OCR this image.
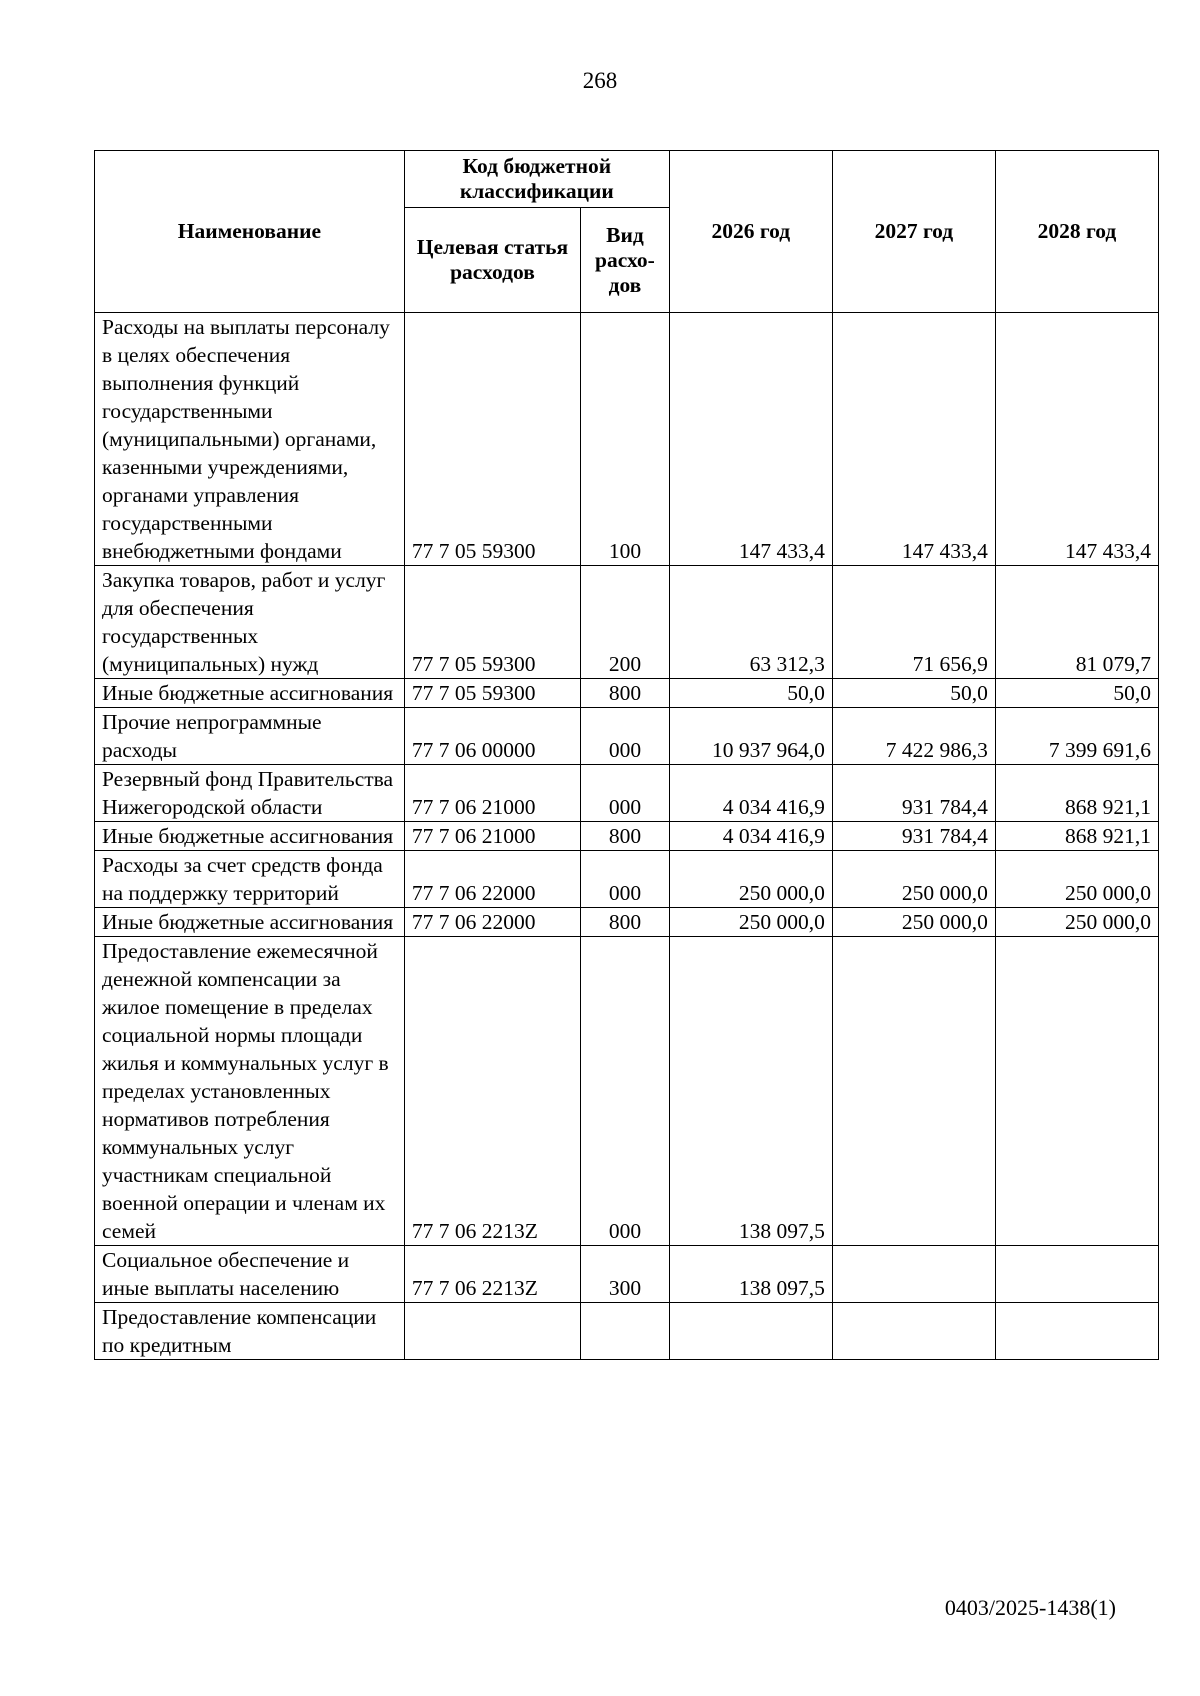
268
Наименование	Код бюджетной классификации		2026 год	2027 год	2028 год
	Целевая статья расходов	Вид расхо-дов			
Расходы на выплаты персоналу в целях обеспечения выполнения функций государственными (муниципальными) органами, казенными учреждениями, органами управления государственными внебюджетными фондами	77 7 05 59300	100	147 433,4	147 433,4	147 433,4
Закупка товаров, работ и услуг для обеспечения государственных (муниципальных) нужд	77 7 05 59300	200	63 312,3	71 656,9	81 079,7
Иные бюджетные ассигнования	77 7 05 59300	800	50,0	50,0	50,0
Прочие непрограммные расходы	77 7 06 00000	000	10 937 964,0	7 422 986,3	7 399 691,6
Резервный фонд Правительства Нижегородской области	77 7 06 21000	000	4 034 416,9	931 784,4	868 921,1
Иные бюджетные ассигнования	77 7 06 21000	800	4 034 416,9	931 784,4	868 921,1
Расходы за счет средств фонда на поддержку территорий	77 7 06 22000	000	250 000,0	250 000,0	250 000,0
Иные бюджетные ассигнования	77 7 06 22000	800	250 000,0	250 000,0	250 000,0
Предоставление ежемесячной денежной компенсации за жилое помещение в пределах социальной нормы площади жилья и коммунальных услуг в пределах установленных нормативов потребления коммунальных услуг участникам специальной военной операции и членам их семей	77 7 06 2213Z	000	138 097,5		
Социальное обеспечение и иные выплаты населению	77 7 06 2213Z	300	138 097,5		
Предоставление компенсации по кредитным					
0403/2025-1438(1)
